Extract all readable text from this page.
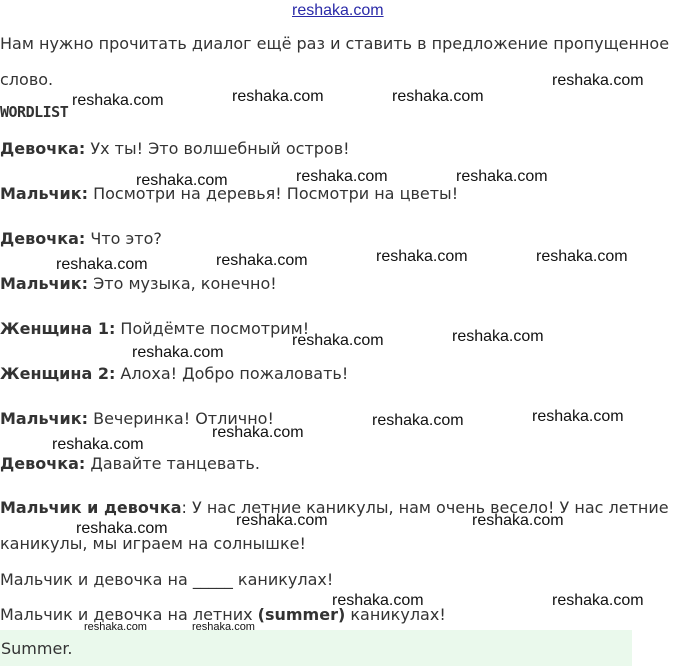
reshaka.com
Нам нужно прочитать диалог ещё раз и ставить в предложение пропущенное слово.
WORDLIST
Девочка: Ух ты! Это волшебный остров!
Мальчик: Посмотри на деревья! Посмотри на цветы!
Девочка: Что это?
Мальчик: Это музыка, конечно!
Женщина 1: Пойдёмте посмотрим!
Женщина 2: Алоха! Добро пожаловать!
Мальчик: Вечеринка! Отлично!
Девочка: Давайте танцевать.
Мальчик и девочка: У нас летние каникулы, нам очень весело! У нас летние каникулы, мы играем на солнышке!
Мальчик и девочка на _____ каникулах!
Мальчик и девочка на летних (summer) каникулах!
Summer.
reshaka.com
reshaka.com	reshaka.com	reshaka.com
reshaka.com	reshaka.com	reshaka.com
reshaka.com	reshaka.com	reshaka.com	reshaka.com
reshaka.com
reshaka.com	reshaka.com
reshaka.com
reshaka.com
reshaka.com	reshaka.com
reshaka.com	reshaka.com	reshaka.com
reshaka.com	reshaka.com
reshaka.com	reshaka.com
